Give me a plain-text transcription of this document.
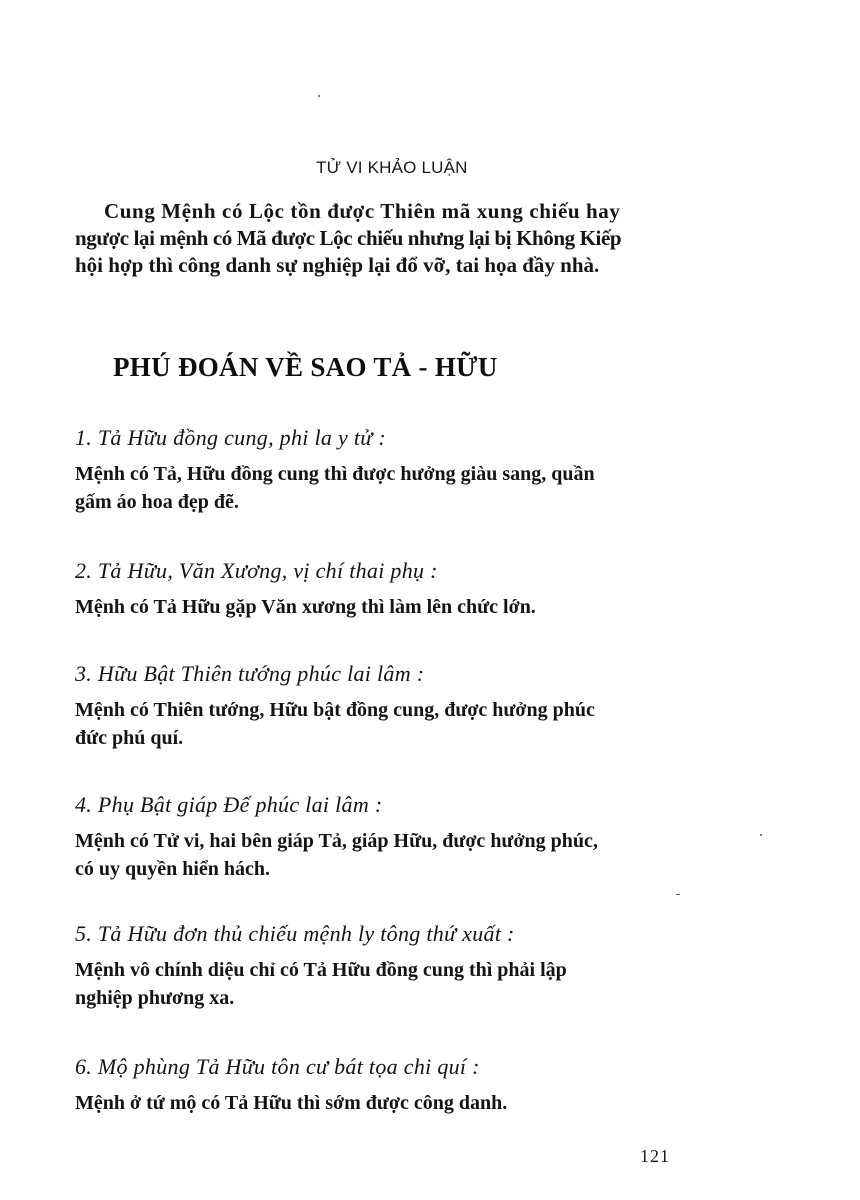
TỬ VI KHẢO LUẬN
Cung Mệnh có Lộc tồn được Thiên mã xung chiếu hay
ngược lại mệnh có Mã được Lộc chiếu nhưng lại bị Không Kiếp
hội hợp thì công danh sự nghiệp lại đổ vỡ, tai họa đầy nhà.
PHÚ ĐOÁN VỀ SAO TẢ - HỮU
1. Tả Hữu đồng cung, phi la y tử :
Mệnh có Tả, Hữu đồng cung thì được hưởng giàu sang, quần
gấm áo hoa đẹp đẽ.
2. Tả Hữu, Văn Xương, vị chí thai phụ :
Mệnh có Tả Hữu gặp Văn xương thì làm lên chức lớn.
3. Hữu Bật Thiên tướng phúc lai lâm :
Mệnh có Thiên tướng, Hữu bật đồng cung, được hưởng phúc
đức phú quí.
4. Phụ Bật giáp Đế phúc lai lâm :
Mệnh có Tử vi, hai bên giáp Tả, giáp Hữu, được hưởng phúc,
có uy quyền hiển hách.
5. Tả Hữu đơn thủ chiếu mệnh ly tông thứ xuất :
Mệnh vô chính diệu chỉ có Tả Hữu đồng cung thì phải lập
nghiệp phương xa.
6. Mộ phùng Tả Hữu tôn cư bát tọa chi quí :
Mệnh ở tứ mộ có Tả Hữu thì sớm được công danh.
121
